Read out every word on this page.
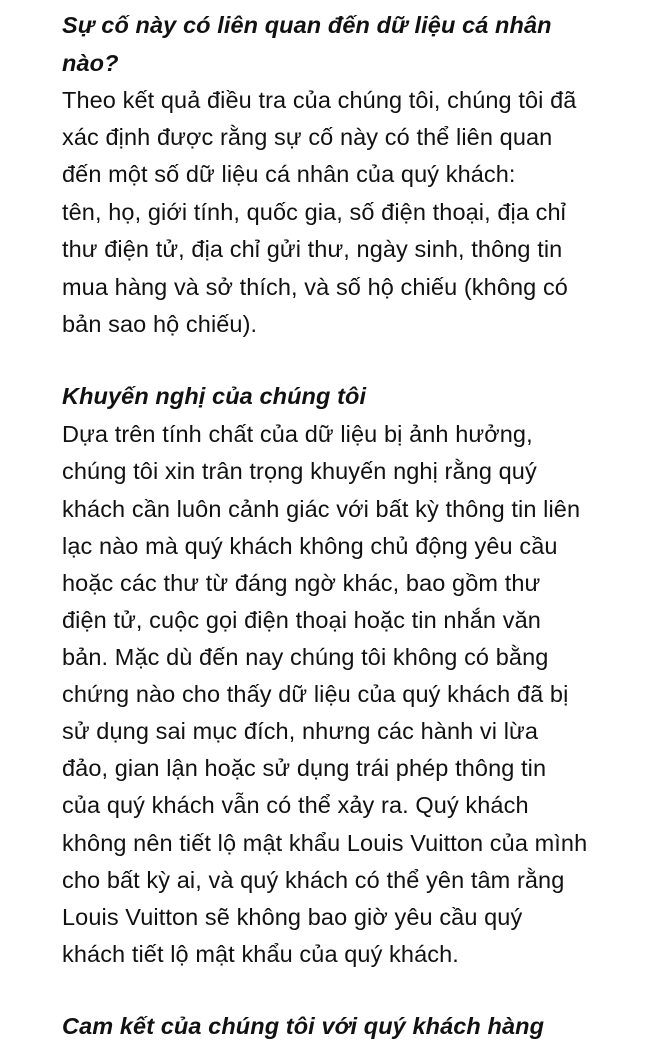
Sự cố này có liên quan đến dữ liệu cá nhân
nào?
Theo kết quả điều tra của chúng tôi, chúng tôi đã
xác định được rằng sự cố này có thể liên quan
đến một số dữ liệu cá nhân của quý khách:
tên, họ, giới tính, quốc gia, số điện thoại, địa chỉ
thư điện tử, địa chỉ gửi thư, ngày sinh, thông tin
mua hàng và sở thích, và số hộ chiếu (không có
bản sao hộ chiếu).
Khuyến nghị của chúng tôi
Dựa trên tính chất của dữ liệu bị ảnh hưởng,
chúng tôi xin trân trọng khuyến nghị rằng quý
khách cần luôn cảnh giác với bất kỳ thông tin liên
lạc nào mà quý khách không chủ động yêu cầu
hoặc các thư từ đáng ngờ khác, bao gồm thư
điện tử, cuộc gọi điện thoại hoặc tin nhắn văn
bản. Mặc dù đến nay chúng tôi không có bằng
chứng nào cho thấy dữ liệu của quý khách đã bị
sử dụng sai mục đích, nhưng các hành vi lừa
đảo, gian lận hoặc sử dụng trái phép thông tin
của quý khách vẫn có thể xảy ra. Quý khách
không nên tiết lộ mật khẩu Louis Vuitton của mình
cho bất kỳ ai, và quý khách có thể yên tâm rằng
Louis Vuitton sẽ không bao giờ yêu cầu quý
khách tiết lộ mật khẩu của quý khách.
Cam kết của chúng tôi với quý khách hàng
